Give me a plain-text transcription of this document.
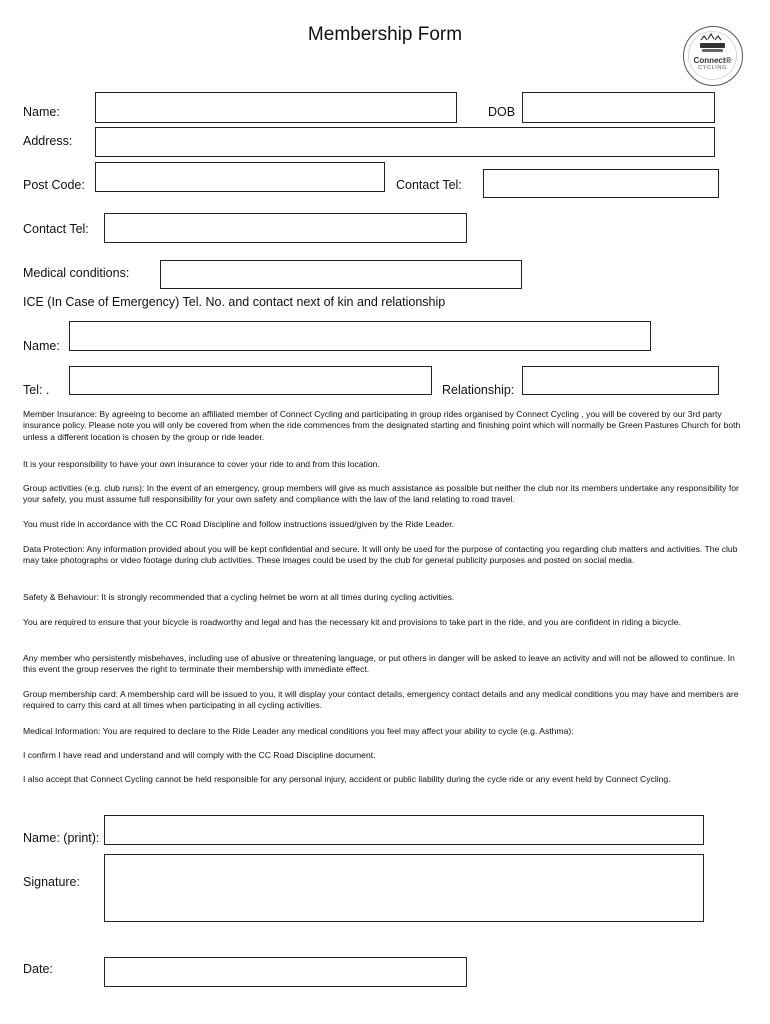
Membership Form
Connect®
CYCLING
Name:	DOB
Address:
Post Code:	Contact Tel:
Contact Tel:
Medical conditions:
ICE (In Case of Emergency) Tel. No. and contact next of kin and relationship
Name:
Tel: .	Relationship:

Member Insurance: By agreeing to become an affiliated member of Connect Cycling and participating in group rides organised by Connect Cycling , you will be covered by our 3rd party insurance policy. Please note you will only be covered from when the ride commences from the designated starting and finishing point which will normally be Green Pastures Church for both unless a different location is chosen by the group or ride leader.

It is your responsibility to have your own insurance to cover your ride to and from this location.

Group activities (e.g. club runs): In the event of an emergency, group members will give as much assistance as possible but neither the club nor its members undertake any responsibility for your safety, you must assume full responsibility for your own safety and compliance with the law of the land relating to road travel.

You must ride in accordance with the CC Road Discipline and follow instructions issued/given by the Ride Leader.

Data Protection: Any information provided about you will be kept confidential and secure. It will only be used for the purpose of contacting you regarding club matters and activities. The club may take photographs or video footage during club activities. These images could be used by the club for general publicity purposes and posted on social media.

Safety & Behaviour: It is strongly recommended that a cycling helmet be worn at all times during cycling activities.

You are required to ensure that your bicycle is roadworthy and legal and has the necessary kit and provisions to take part in the ride, and you are confident in riding a bicycle.

Any member who persistently misbehaves, including use of abusive or threatening language, or put others in danger will be asked to leave an activity and will not be allowed to continue. In this event the group reserves the right to terminate their membership with immediate effect.

Group membership card: A membership card will be issued to you, it will display your contact details, emergency contact details and any medical conditions you may have and members are required to carry this card at all times when participating in all cycling activities.

Medical Information: You are required to declare to the Ride Leader any medical conditions you feel may affect your ability to cycle (e.g. Asthma):

I confirm I have read and understand and will comply with the CC Road Discipline document.

I also accept that Connect Cycling cannot be held responsible for any personal injury, accident or public liability during the cycle ride or any event held by Connect Cycling.

Name: (print):
Signature:
Date:
